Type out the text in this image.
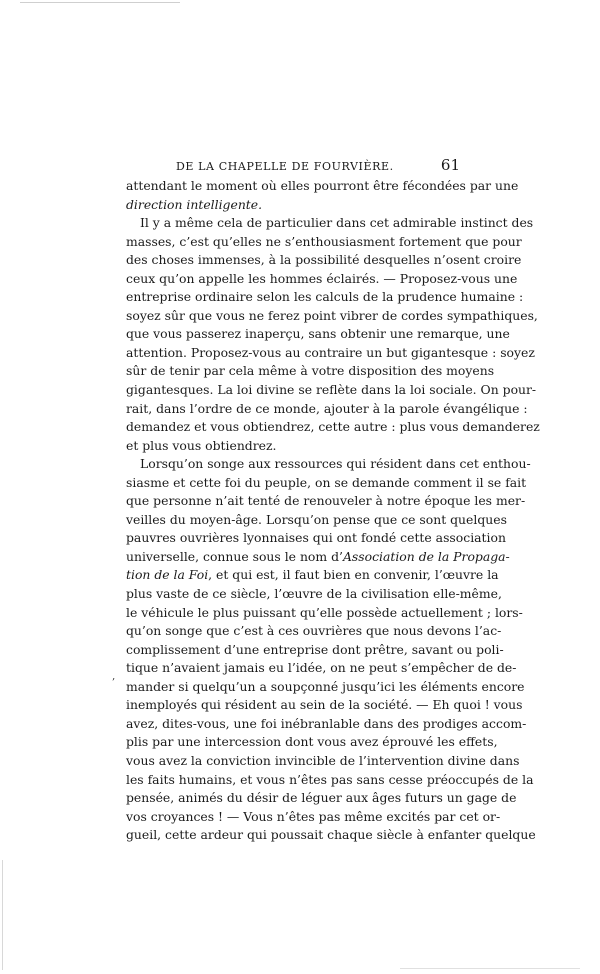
DE LA CHAPELLE DE FOURVIÈRE.	61
attendant le moment où elles pourront être fécondées par une
direction intelligente.
Il y a même cela de particulier dans cet admirable instinct des
masses, c’est qu’elles ne s’enthousiasment fortement que pour
des choses immenses, à la possibilité desquelles n’osent croire
ceux qu’on appelle les hommes éclairés. — Proposez-vous une
entreprise ordinaire selon les calculs de la prudence humaine :
soyez sûr que vous ne ferez point vibrer de cordes sympathiques,
que vous passerez inaperçu, sans obtenir une remarque, une
attention. Proposez-vous au contraire un but gigantesque : soyez
sûr de tenir par cela même à votre disposition des moyens
gigantesques. La loi divine se reflète dans la loi sociale. On pour-
rait, dans l’ordre de ce monde, ajouter à la parole évangélique :
demandez et vous obtiendrez, cette autre : plus vous demanderez
et plus vous obtiendrez.
Lorsqu’on songe aux ressources qui résident dans cet enthou-
siasme et cette foi du peuple, on se demande comment il se fait
que personne n’ait tenté de renouveler à notre époque les mer-
veilles du moyen-âge. Lorsqu’on pense que ce sont quelques
pauvres ouvrières lyonnaises qui ont fondé cette association
universelle, connue sous le nom d’Association de la Propaga-
tion de la Foi, et qui est, il faut bien en convenir, l’œuvre la
plus vaste de ce siècle, l’œuvre de la civilisation elle-même,
le véhicule le plus puissant qu’elle possède actuellement ; lors-
qu’on songe que c’est à ces ouvrières que nous devons l’ac-
complissement d’une entreprise dont prêtre, savant ou poli-
tique n’avaient jamais eu l’idée, on ne peut s’empêcher de de-
mander si quelqu’un a soupçonné jusqu’ici les éléments encore
inemployés qui résident au sein de la société. — Eh quoi ! vous
avez, dites-vous, une foi inébranlable dans des prodiges accom-
plis par une intercession dont vous avez éprouvé les effets,
vous avez la conviction invincible de l’intervention divine dans
les faits humains, et vous n’êtes pas sans cesse préoccupés de la
pensée, animés du désir de léguer aux âges futurs un gage de
vos croyances ! — Vous n’êtes pas même excités par cet or-
gueil, cette ardeur qui poussait chaque siècle à enfanter quelque
‚
